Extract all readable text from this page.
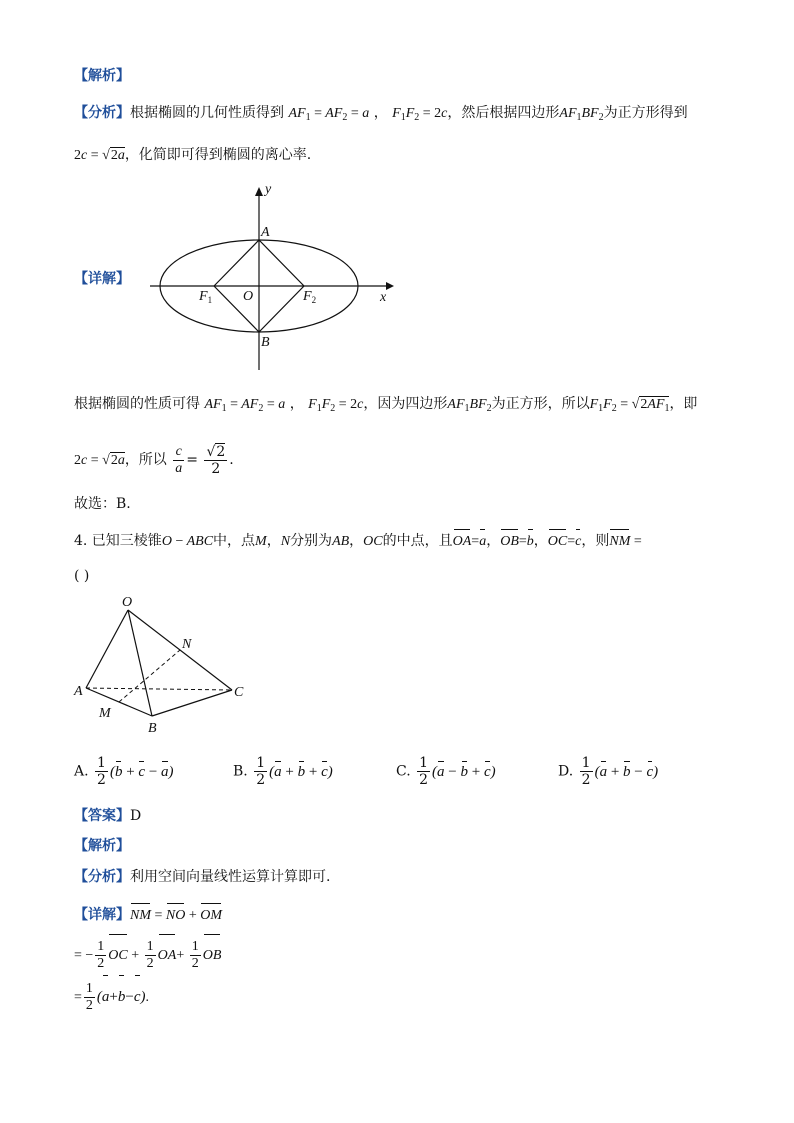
【解析】
【分析】根据椭圆的几何性质得到 $AF_1 = AF_2 = a$ ， $F_1F_2 = 2c$，然后根据四边形$AF_1BF_2$为正方形得到
2c = √2a，化简即可得到椭圆的离心率.
【详解】
y
x
A
B
O
$F_1$	$F_2$
根据椭圆的性质可得 $AF_1 = AF_2 = a$ ， $F_1F_2 = 2c$，因为四边形$AF_1BF_2$为正方形，所以$F_1F_2 = √2AF_1$，即
2c = √2a，所以 $\frac{c}{a} = \frac{√2}{2}$ .
故选：B.
4. 已知三棱锥O − ABC中，点M，N分别为AB，OC的中点，且OA=a，OB=b，OC=c，则NM =
( )
O
N
A	C
M
B
A. $\frac{1}{2} (b + c - a)$	B. $\frac{1}{2} (a + b + c)$	C. $\frac{1}{2} (a - b + c)$	D. $\frac{1}{2} (a + b - c)$
【答案】D
【解析】
【分析】利用空间向量线性运算计算即可.
【详解】NM = NO + OM
= − $\frac{1}{2}$ OC + $\frac{1}{2} OA+ \frac{1}{2}$ OB
= $\frac{1}{2} (a+b-c)$.
